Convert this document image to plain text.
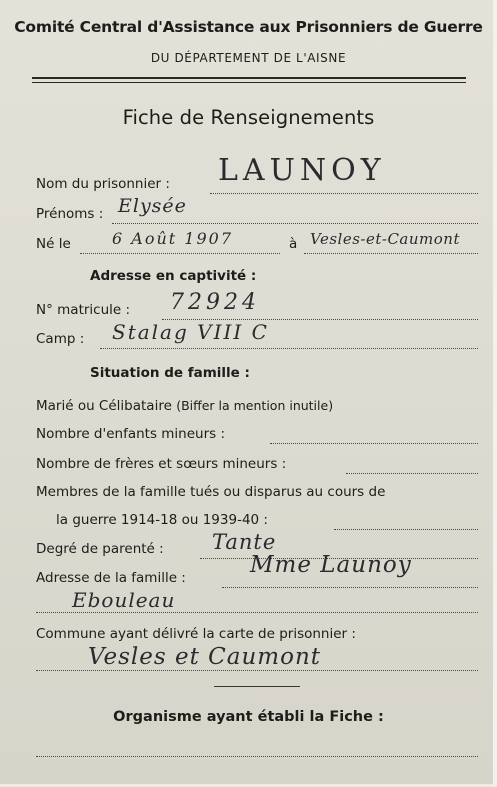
Comité Central d'Assistance aux Prisonniers de Guerre
DU DÉPARTEMENT DE L'AISNE
Fiche de Renseignements
Nom du prisonnier : LAUNOY
Prénoms : Elysée
Né le	6 Août 1907	à Vesles-et-Caumont
Adresse en captivité :
N° matricule : 72924
Camp : Stalag VIII C
Situation de famille :
Marié ou Célibataire (Biffer la mention inutile)
Nombre d'enfants mineurs :
Nombre de frères et sœurs mineurs :
Membres de la famille tués ou disparus au cours de
la guerre 1914-18 ou 1939-40 :
Degré de parenté : Tante
Adresse de la famille :	Mme Launoy
Ebouleau
Commune ayant délivré la carte de prisonnier :
Vesles et Caumont
Organisme ayant établi la Fiche :
